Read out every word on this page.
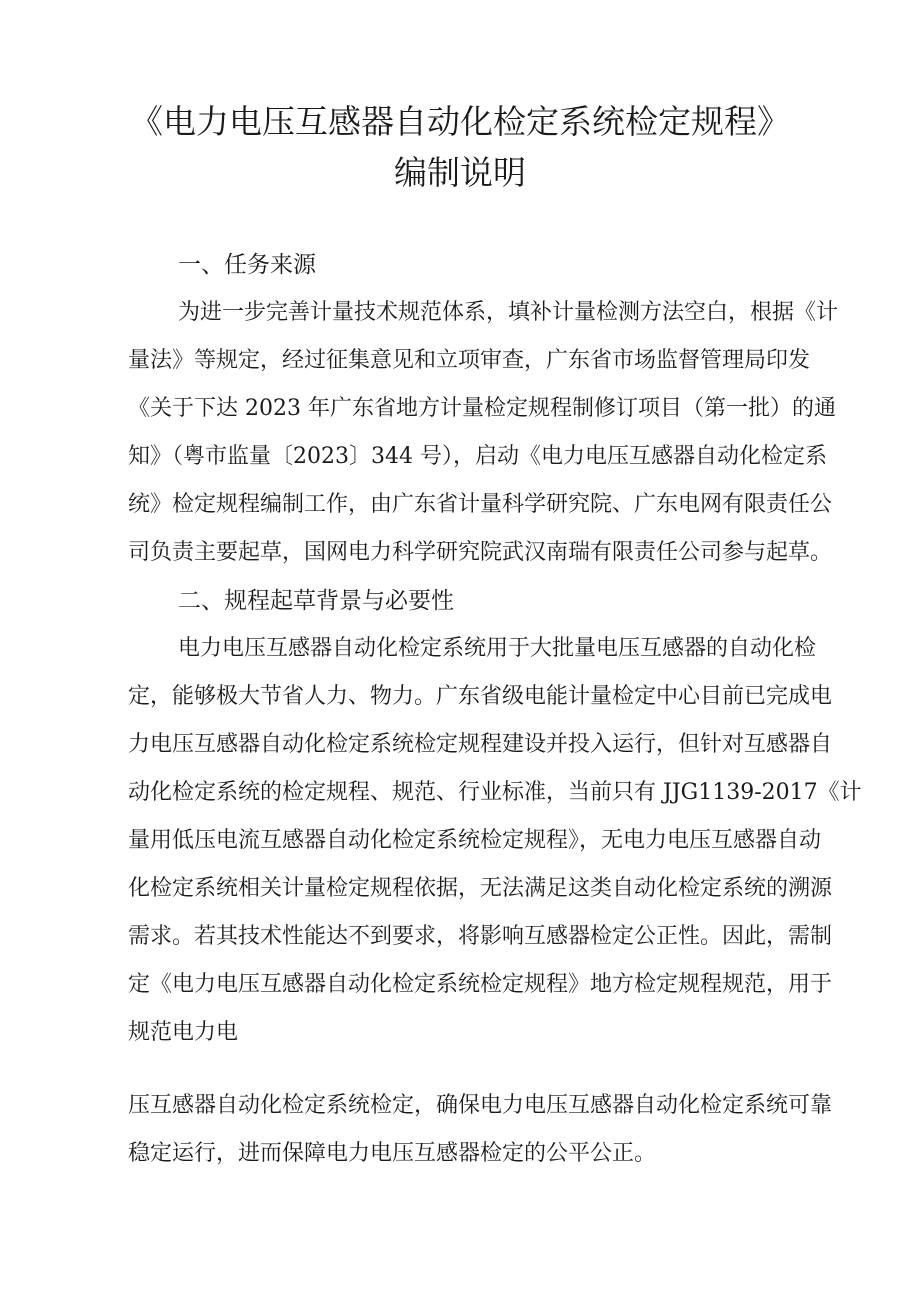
《电力电压互感器自动化检定系统检定规程》
编制说明
一、任务来源
为进一步完善计量技术规范体系，填补计量检测方法空白，根据《计
量法》等规定，经过征集意见和立项审查，广东省市场监督管理局印发
《关于下达 2023 年广东省地方计量检定规程制修订项目（第一批）的通
知》（粤市监量〔2023〕344 号），启动《电力电压互感器自动化检定系
统》检定规程编制工作，由广东省计量科学研究院、广东电网有限责任公
司负责主要起草，国网电力科学研究院武汉南瑞有限责任公司参与起草。
二、规程起草背景与必要性
电力电压互感器自动化检定系统用于大批量电压互感器的自动化检
定，能够极大节省人力、物力。广东省级电能计量检定中心目前已完成电
力电压互感器自动化检定系统检定规程建设并投入运行，但针对互感器自
动化检定系统的检定规程、规范、行业标准，当前只有 JJG1139-2017《计
量用低压电流互感器自动化检定系统检定规程》，无电力电压互感器自动
化检定系统相关计量检定规程依据，无法满足这类自动化检定系统的溯源
需求。若其技术性能达不到要求，将影响互感器检定公正性。因此，需制
定《电力电压互感器自动化检定系统检定规程》地方检定规程规范，用于
规范电力电
压互感器自动化检定系统检定，确保电力电压互感器自动化检定系统可靠
稳定运行，进而保障电力电压互感器检定的公平公正。
